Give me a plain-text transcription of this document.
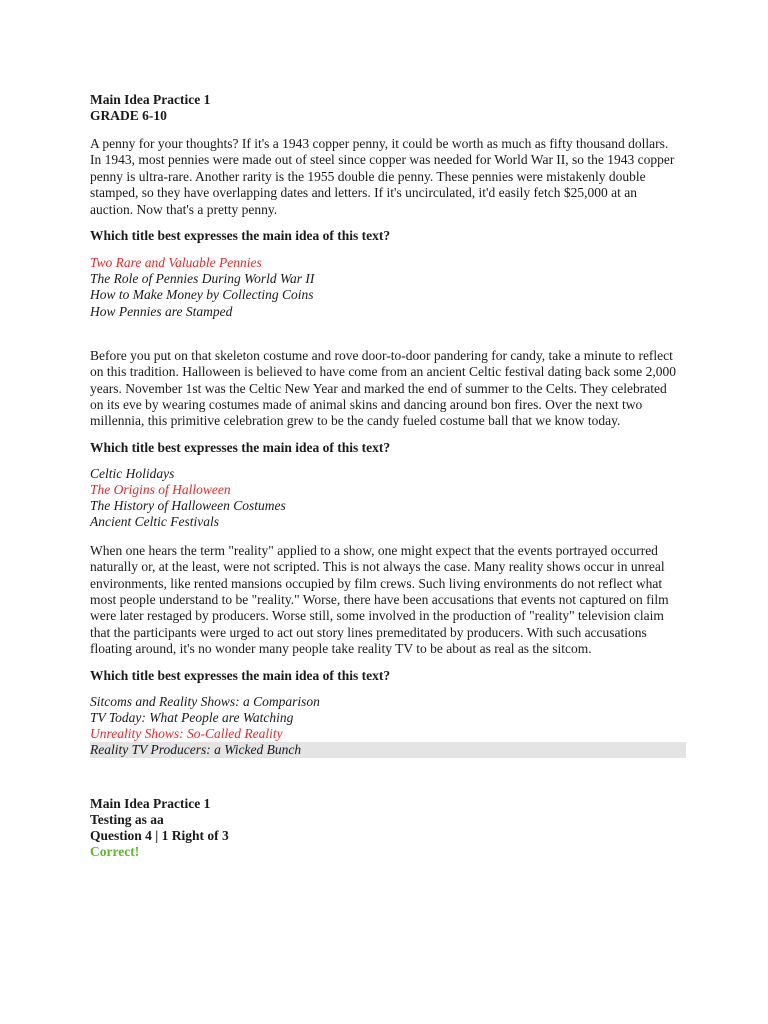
Main Idea Practice 1
GRADE 6-10

A penny for your thoughts? If it's a 1943 copper penny, it could be worth as much as fifty thousand dollars. In 1943, most pennies were made out of steel since copper was needed for World War II, so the 1943 copper penny is ultra-rare. Another rarity is the 1955 double die penny. These pennies were mistakenly double stamped, so they have overlapping dates and letters. If it's uncirculated, it'd easily fetch $25,000 at an auction. Now that's a pretty penny.

Which title best expresses the main idea of this text?
Two Rare and Valuable Pennies
The Role of Pennies During World War II
How to Make Money by Collecting Coins
How Pennies are Stamped

Before you put on that skeleton costume and rove door-to-door pandering for candy, take a minute to reflect on this tradition. Halloween is believed to have come from an ancient Celtic festival dating back some 2,000 years. November 1st was the Celtic New Year and marked the end of summer to the Celts. They celebrated on its eve by wearing costumes made of animal skins and dancing around bon fires. Over the next two millennia, this primitive celebration grew to be the candy fueled costume ball that we know today.

Which title best expresses the main idea of this text?
Celtic Holidays
The Origins of Halloween
The History of Halloween Costumes
Ancient Celtic Festivals

When one hears the term "reality" applied to a show, one might expect that the events portrayed occurred naturally or, at the least, were not scripted. This is not always the case. Many reality shows occur in unreal environments, like rented mansions occupied by film crews. Such living environments do not reflect what most people understand to be "reality." Worse, there have been accusations that events not captured on film were later restaged by producers. Worse still, some involved in the production of "reality" television claim that the participants were urged to act out story lines premeditated by producers. With such accusations floating around, it's no wonder many people take reality TV to be about as real as the sitcom.

Which title best expresses the main idea of this text?
Sitcoms and Reality Shows: a Comparison
TV Today: What People are Watching
Unreality Shows: So-Called Reality
Reality TV Producers: a Wicked Bunch
Main Idea Practice 1
Testing as aa
Question 4 | 1 Right of 3
Correct!
